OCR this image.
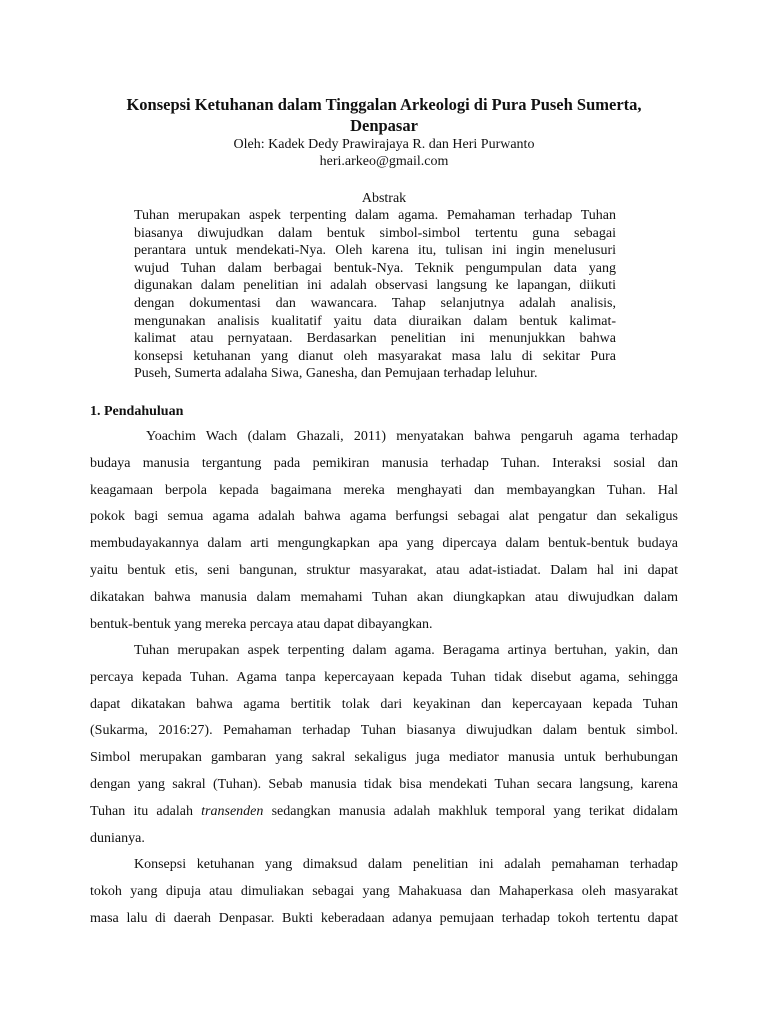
Konsepsi Ketuhanan dalam Tinggalan Arkeologi di Pura Puseh Sumerta,
Denpasar
Oleh: Kadek Dedy Prawirajaya R. dan Heri Purwanto
heri.arkeo@gmail.com
Abstrak
Tuhan merupakan aspek terpenting dalam agama. Pemahaman terhadap Tuhan
biasanya diwujudkan dalam bentuk simbol-simbol tertentu guna sebagai
perantara untuk mendekati-Nya. Oleh karena itu, tulisan ini ingin menelusuri
wujud Tuhan dalam berbagai bentuk-Nya. Teknik pengumpulan data yang
digunakan dalam penelitian ini adalah observasi langsung ke lapangan, diikuti
dengan dokumentasi dan wawancara. Tahap selanjutnya adalah analisis,
mengunakan analisis kualitatif yaitu data diuraikan dalam bentuk kalimat-
kalimat atau pernyataan. Berdasarkan penelitian ini menunjukkan bahwa
konsepsi ketuhanan yang dianut oleh masyarakat masa lalu di sekitar Pura
Puseh, Sumerta adalaha Siwa, Ganesha, dan Pemujaan terhadap leluhur.
1. Pendahuluan
Yoachim Wach (dalam Ghazali, 2011) menyatakan bahwa pengaruh agama terhadap
budaya manusia tergantung pada pemikiran manusia terhadap Tuhan. Interaksi sosial dan
keagamaan berpola kepada bagaimana mereka menghayati dan membayangkan Tuhan. Hal
pokok bagi semua agama adalah bahwa agama berfungsi sebagai alat pengatur dan sekaligus
membudayakannya dalam arti mengungkapkan apa yang dipercaya dalam bentuk-bentuk budaya
yaitu bentuk etis, seni bangunan, struktur masyarakat, atau adat-istiadat. Dalam hal ini dapat
dikatakan bahwa manusia dalam memahami Tuhan akan diungkapkan atau diwujudkan dalam
bentuk-bentuk yang mereka percaya atau dapat dibayangkan.
Tuhan merupakan aspek terpenting dalam agama. Beragama artinya bertuhan, yakin, dan
percaya kepada Tuhan. Agama tanpa kepercayaan kepada Tuhan tidak disebut agama, sehingga
dapat dikatakan bahwa agama bertitik tolak dari keyakinan dan kepercayaan kepada Tuhan
(Sukarma, 2016:27). Pemahaman terhadap Tuhan biasanya diwujudkan dalam bentuk simbol.
Simbol merupakan gambaran yang sakral sekaligus juga mediator manusia untuk berhubungan
dengan yang sakral (Tuhan). Sebab manusia tidak bisa mendekati Tuhan secara langsung, karena
Tuhan itu adalah transenden sedangkan manusia adalah makhluk temporal yang terikat didalam
dunianya.
Konsepsi ketuhanan yang dimaksud dalam penelitian ini adalah pemahaman terhadap
tokoh yang dipuja atau dimuliakan sebagai yang Mahakuasa dan Mahaperkasa oleh masyarakat
masa lalu di daerah Denpasar. Bukti keberadaan adanya pemujaan terhadap tokoh tertentu dapat
